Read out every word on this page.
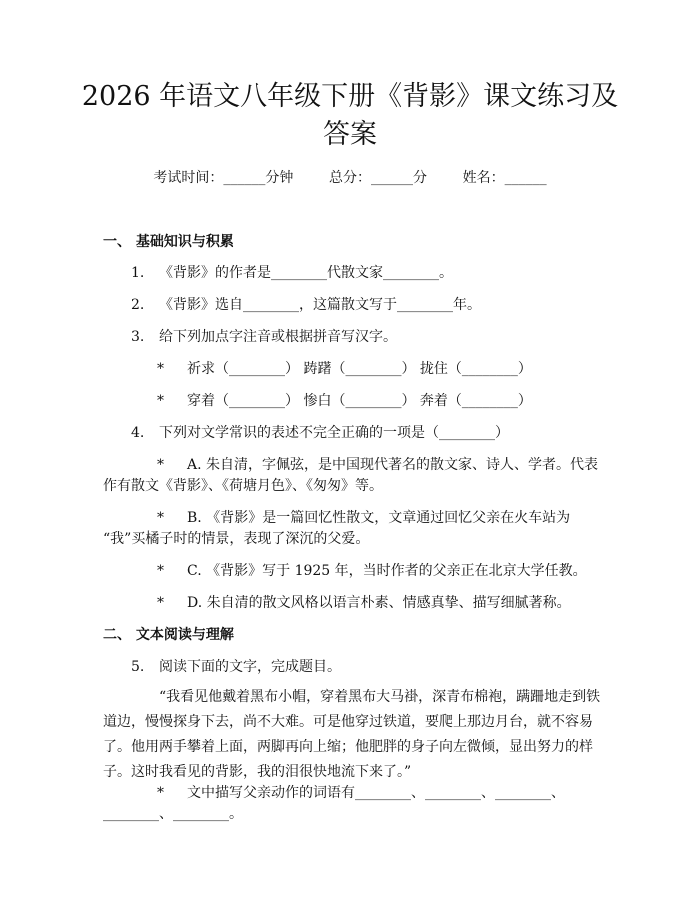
2026 年语文八年级下册《背影》课文练习及
答案
考试时间：______分钟        总分：______分        姓名：______
一、 基础知识与积累
1. 《背影》的作者是________代散文家________。
2. 《背影》选自________，这篇散文写于________年。
3. 给下列加点字注音或根据拼音写汉字。
* 祈求（________） 踌躇（________） 拢住（________）
* 穿着（________） 惨白（________） 奔着（________）
4. 下列对文学常识的表述不完全正确的一项是（________）
* A. 朱自清，字佩弦，是中国现代著名的散文家、诗人、学者。代表
作有散文《背影》、《荷塘月色》、《匆匆》等。
* B. 《背影》是一篇回忆性散文，文章通过回忆父亲在火车站为
“我”买橘子时的情景，表现了深沉的父爱。
* C. 《背影》写于 1925 年，当时作者的父亲正在北京大学任教。
* D. 朱自清的散文风格以语言朴素、情感真挚、描写细腻著称。
二、 文本阅读与理解
5. 阅读下面的文字，完成题目。
“我看见他戴着黑布小帽，穿着黑布大马褂，深青布棉袍，蹒跚地走到铁
道边，慢慢探身下去，尚不大难。可是他穿过铁道，要爬上那边月台，就不容易
了。他用两手攀着上面，两脚再向上缩；他肥胖的身子向左微倾，显出努力的样
子。这时我看见的背影，我的泪很快地流下来了。”
* 文中描写父亲动作的词语有________、________、________、
________、________。
